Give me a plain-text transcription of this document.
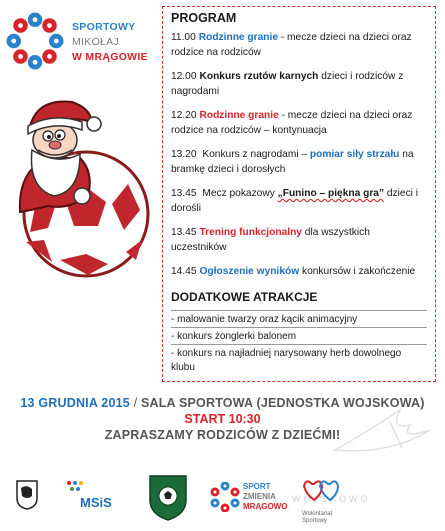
SPORTOWY
MIKOŁAJ
W MRĄGOWIE
PROGRAM
11.00 Rodzinne granie - mecze dzieci na dzieci oraz rodzice na rodziców
12.00 Konkurs rzutów karnych dzieci i rodziców z nagrodami
12.20 Rodzinne granie - mecze dzieci na dzieci oraz rodzice na rodziców – kontynuacja
13.20 Konkurs z nagrodami – pomiar siły strzału na bramkę dzieci i dorosłych
13.45 Mecz pokazowy „Funino – piękna gra” dzieci i dorośli
13.45 Trening funkcjonalny dla wszystkich uczestników
14.45 Ogłoszenie wyników konkursów i zakończenie
DODATKOWE ATRAKCJE
- malowanie twarzy oraz kącik animacyjny
- konkurs żonglerki balonem
- konkurs na najładniej narysowany herb dowolnego klubu
13 GRUDNIA 2015 / SALA SPORTOWA (JEDNOSTKA WOJSKOWA)
START 10:30
ZAPRASZAMY RODZICÓW Z DZIEĆMI!
MSiS
SPORT
ZMIENIA
MRĄGOWO
WOJSKOWO
Wolontariat Sportowy
